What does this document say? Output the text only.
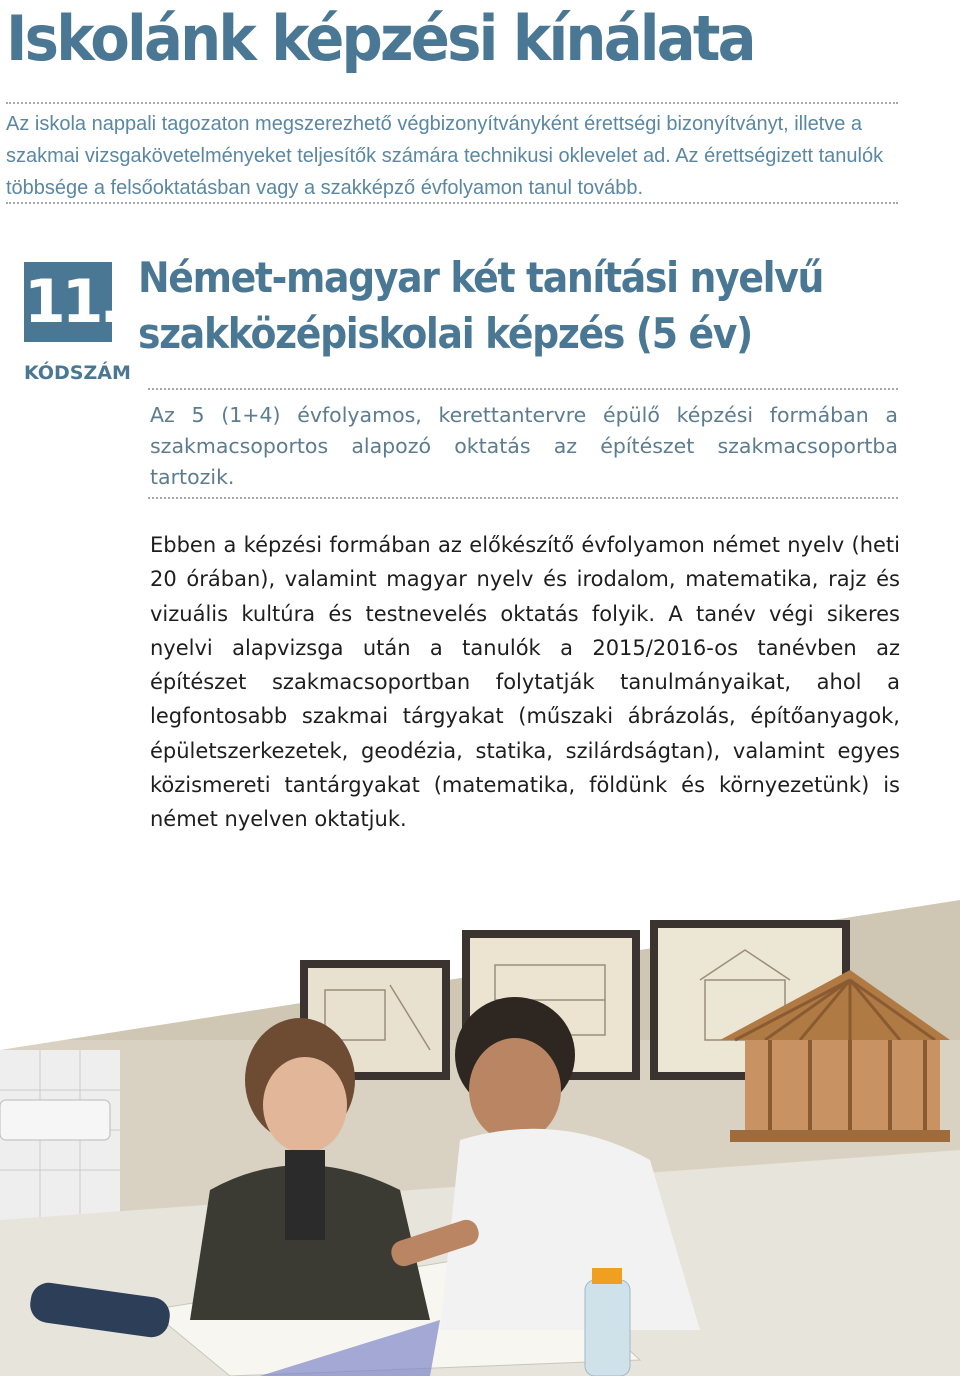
Iskolánk képzési kínálata

Az iskola nappali tagozaton megszerezhető végbizonyítványként érettségi bizonyítványt, illetve a szakmai vizsgakövetelményeket teljesítők számára technikusi oklevelet ad. Az érettségizett tanulók többsége a felsőoktatásban vagy a szakképző évfolyamon tanul tovább.

11.
KÓDSZÁM
Német-magyar két tanítási nyelvű
szakközépiskolai képzés (5 év)

Az 5 (1+4) évfolyamos, kerettantervre épülő képzési formában a szakmacsoportos alapozó oktatás az építészet szakmacsoportba tartozik.

Ebben a képzési formában az előkészítő évfolyamon német nyelv (heti 20 órában), valamint magyar nyelv és irodalom, matematika, rajz és vizuális kultúra és testnevelés oktatás folyik. A tanév végi sikeres nyelvi alapvizsga után a tanulók a 2015/2016-os tanévben az építészet szakmacsoportban folytatják tanulmányaikat, ahol a legfontosabb szakmai tárgyakat (műszaki ábrázolás, építőanyagok, épületszerkezetek, geodézia, statika, szilárdságtan), valamint egyes közismereti tantárgyakat (matematika, földünk és környezetünk) is német nyelven oktatjuk.
